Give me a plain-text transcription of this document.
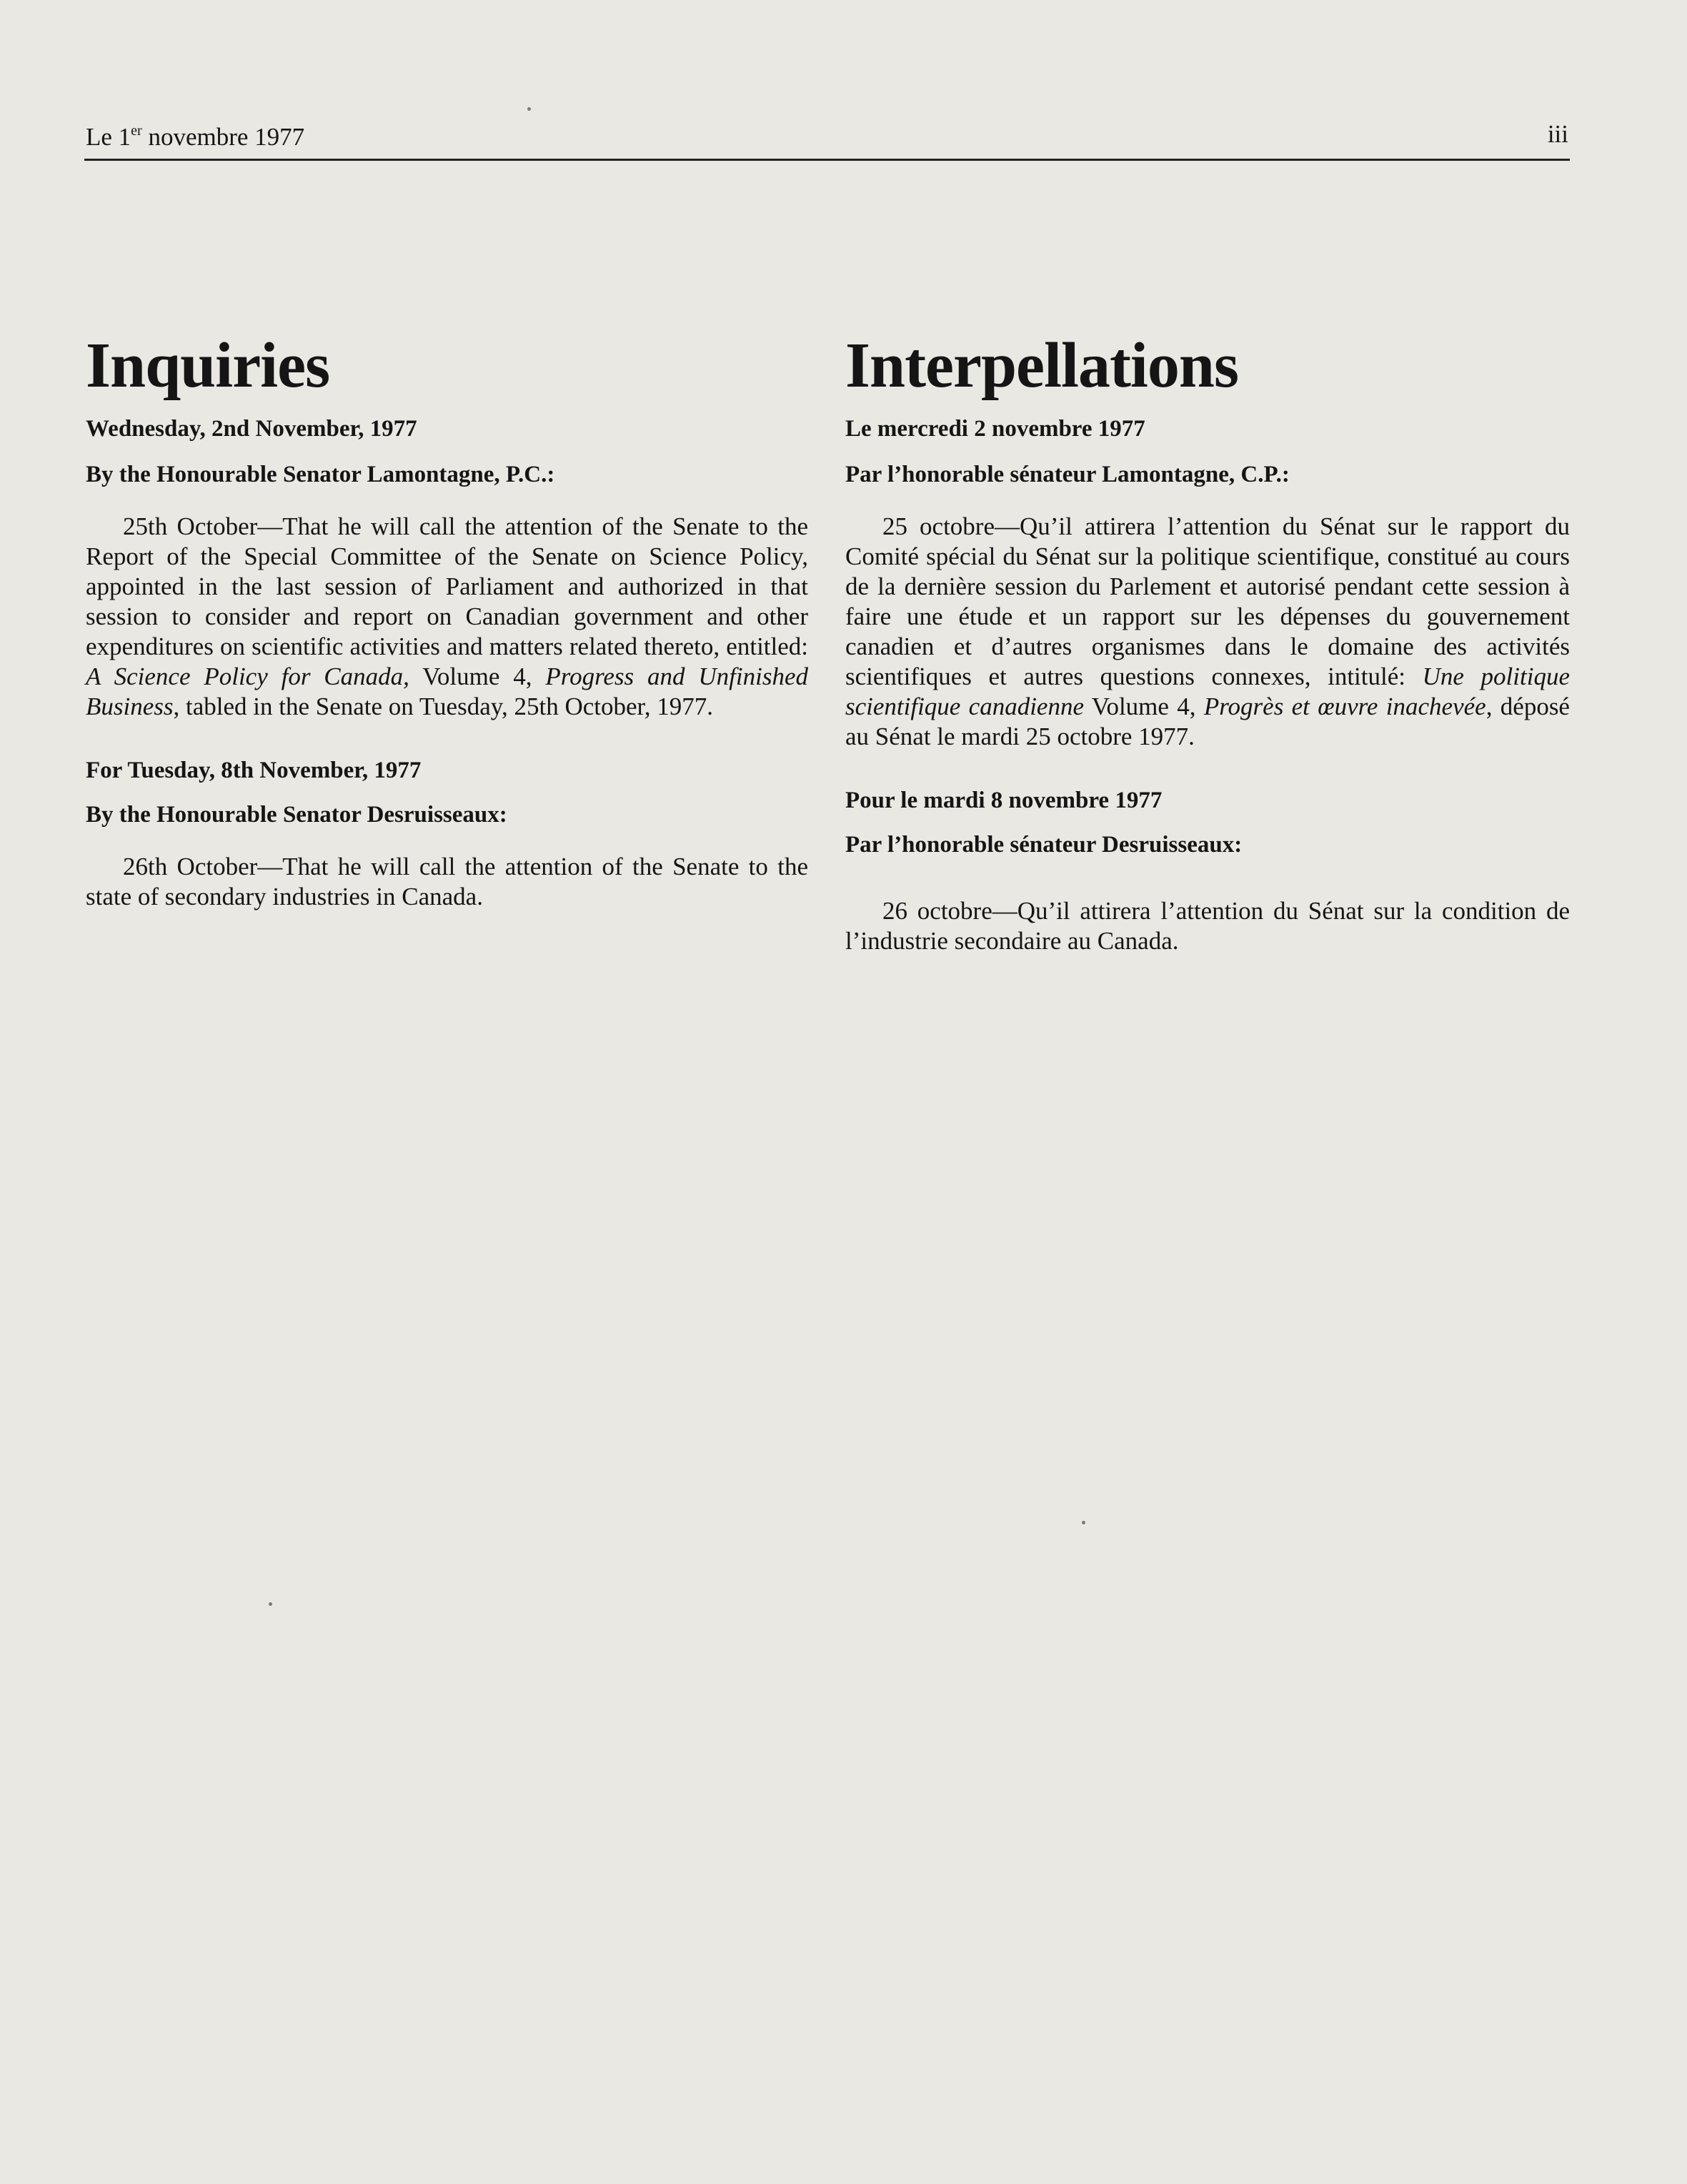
Le 1er novembre 1977	iii
Inquiries
Wednesday, 2nd November, 1977
By the Honourable Senator Lamontagne, P.C.:

25th October—That he will call the attention of the Senate to the Report of the Special Committee of the Senate on Science Policy, appointed in the last session of Parliament and authorized in that session to consider and report on Canadian government and other expenditures on scientific activities and matters related thereto, entitled: A Science Policy for Canada, Volume 4, Progress and Unfinished Business, tabled in the Senate on Tuesday, 25th October, 1977.

For Tuesday, 8th November, 1977
By the Honourable Senator Desruisseaux:

26th October—That he will call the attention of the Senate to the state of secondary industries in Canada.

Interpellations
Le mercredi 2 novembre 1977
Par l’honorable sénateur Lamontagne, C.P.:

25 octobre—Qu’il attirera l’attention du Sénat sur le rapport du Comité spécial du Sénat sur la politique scientifique, constitué au cours de la dernière session du Parlement et autorisé pendant cette session à faire une étude et un rapport sur les dépenses du gouvernement canadien et d’autres organismes dans le domaine des activités scientifiques et autres questions connexes, intitulé: Une politique scientifique canadienne Volume 4, Progrès et œuvre inachevée, déposé au Sénat le mardi 25 octobre 1977.

Pour le mardi 8 novembre 1977
Par l’honorable sénateur Desruisseaux:

26 octobre—Qu’il attirera l’attention du Sénat sur la condition de l’industrie secondaire au Canada.
